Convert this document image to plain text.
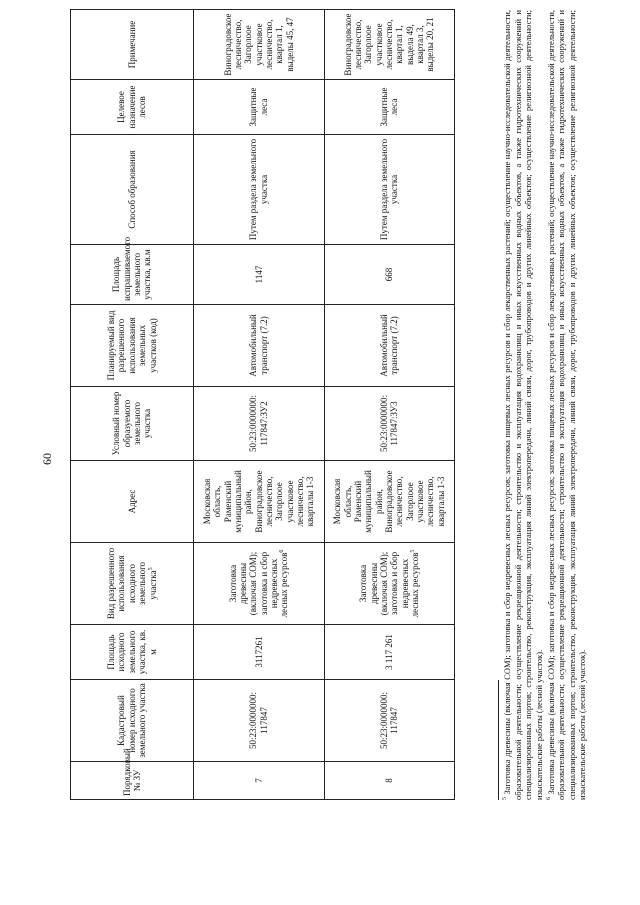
60
Порядковый № ЗУ	Кадастровый номер исходного земельного участка	Площадь исходного земельного участка, кв. м	Вид разрешенного использования исходного земельного участка$^5$	Адрес	Условный номер образуемого земельного участка	Планируемый вид разрешенного использования земельных участков (код)	Площадь испрашиваемого земельного участка, кв.м	Способ образования	Целевое назначение лесов	Примечание
7	50:23:0000000: 117847	3117261	Заготовка древесины (включая СОМ); заготовка и сбор недревесных лесных ресурсов$^6$	Московская область, Раменский муниципальный район, Виноградовское лесничество, Загорлоое участковое лесничество, кварталы 1-3	50:23:0000000: 117847:ЗУ2	Автомобильный транспорт (7.2)	1147	Путем раздела земельного участка	Защитные леса	Виноградовское лесничество, Загорлоое участковое лесничество, квартал 1, выделы 45, 47
8	50:23:0000000: 117847	3 117 261	Заготовка древесины (включая СОМ); заготовка и сбор недревесных лесных ресурсов$^5$	Московская область, Раменский муниципальный район, Виноградовское лесничество, Загорлоое участковое лесничество, кварталы 1-3	50:23:0000000: 117847:ЗУ3	Автомобильный транспорт (7.2)	668	Путем раздела земельного участка	Защитные леса	Виноградовское лесничество, Загорлоое участковое лесничество, квартал 1, выдела 49, квартал 3, выделы 20, 21

$^5$ Заготовка древесины (включая СОМ); заготовка и сбор недревесных лесных ресурсов; заготовка пищевых лесных ресурсов и сбор лекарственных растений; осуществление научно-исследовательской деятельности, образовательной деятельности; осуществление рекреационной деятельности; строительство и эксплуатация водохранилищ и иных искусственных водных объектов, а также гидротехнических сооружений и специализированных портов; строительство, реконструкция, эксплуатация линий электропередачи, линий связи, дорог, трубопроводов и других линейных объектов; осуществление религиозной деятельности; изыскательские работы (лесной участок). $^6$ Заготовка древесины (включая СОМ); заготовка и сбор недревесных лесных ресурсов; заготовка пищевых лесных ресурсов и сбор лекарственных растений; осуществление научно-исследовательской деятельности, образовательной деятельности; осуществление рекреационной деятельности; строительство и эксплуатация водохранилищ и иных искусственных водных объектов, а также гидротехнических сооружений и специализированных портов; строительство, реконструкция, эксплуатация линий электропередачи, линий связи, дорог, трубопроводов и других линейных объектов; осуществление религиозной деятельности; изыскательские работы (лесной участок).
